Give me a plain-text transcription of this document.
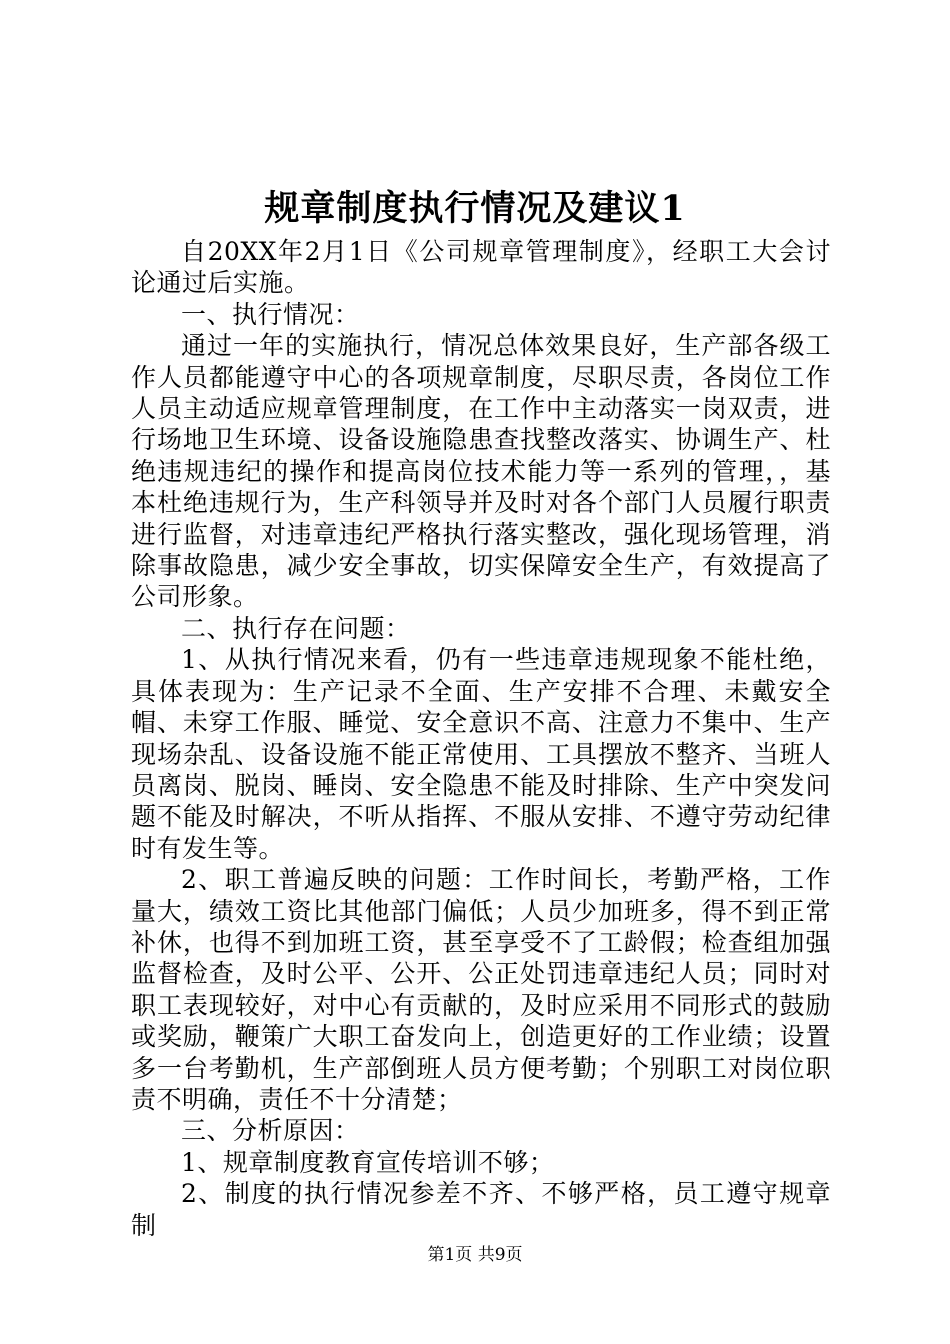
规章制度执行情况及建议1

自20XX年2月1日《公司规章管理制度》，经职工大会讨论通过后实施。

一、执行情况：

通过一年的实施执行，情况总体效果良好，生产部各级工作人员都能遵守中心的各项规章制度，尽职尽责，各岗位工作人员主动适应规章管理制度，在工作中主动落实一岗双责，进行场地卫生环境、设备设施隐患查找整改落实、协调生产、杜绝违规违纪的操作和提高岗位技术能力等一系列的管理，，基本杜绝违规行为，生产科领导并及时对各个部门人员履行职责进行监督，对违章违纪严格执行落实整改，强化现场管理，消除事故隐患，减少安全事故，切实保障安全生产，有效提高了公司形象。

二、执行存在问题：

1、从执行情况来看，仍有一些违章违规现象不能杜绝，具体表现为：生产记录不全面、生产安排不合理、未戴安全帽、未穿工作服、睡觉、安全意识不高、注意力不集中、生产现场杂乱、设备设施不能正常使用、工具摆放不整齐、当班人员离岗、脱岗、睡岗、安全隐患不能及时排除、生产中突发问题不能及时解决，不听从指挥、不服从安排、不遵守劳动纪律时有发生等。

2、职工普遍反映的问题：工作时间长，考勤严格，工作量大，绩效工资比其他部门偏低；人员少加班多，得不到正常补休，也得不到加班工资，甚至享受不了工龄假；检查组加强监督检查，及时公平、公开、公正处罚违章违纪人员；同时对职工表现较好，对中心有贡献的，及时应采用不同形式的鼓励或奖励，鞭策广大职工奋发向上，创造更好的工作业绩；设置多一台考勤机，生产部倒班人员方便考勤；个别职工对岗位职责不明确，责任不十分清楚；

三、分析原因：

1、规章制度教育宣传培训不够；

2、制度的执行情况参差不齐、不够严格，员工遵守规章制

第1页 共9页
